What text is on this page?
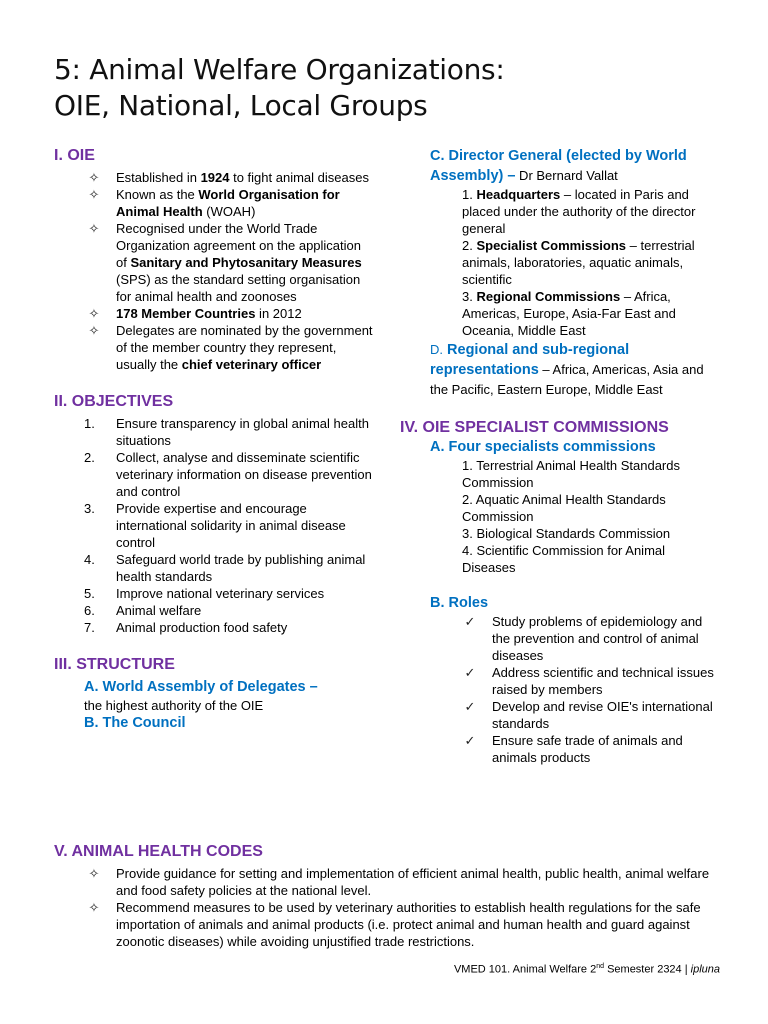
5: Animal Welfare Organizations:
OIE, National, Local Groups
I. OIE
✧	Established in 1924 to fight animal diseases
✧	Known as the World Organisation for Animal Health (WOAH)
✧	Recognised under the World Trade Organization agreement on the application of Sanitary and Phytosanitary Measures (SPS) as the standard setting organisation for animal health and zoonoses
✧	178 Member Countries in 2012
✧	Delegates are nominated by the government of the member country they represent, usually the chief veterinary officer
II. OBJECTIVES
1. Ensure transparency in global animal health situations
2. Collect, analyse and disseminate scientific veterinary information on disease prevention and control
3. Provide expertise and encourage international solidarity in animal disease control
4. Safeguard world trade by publishing animal health standards
5. Improve national veterinary services
6. Animal welfare
7. Animal production food safety
III. STRUCTURE
A. World Assembly of Delegates –
the highest authority of the OIE
B. The Council
C. Director General (elected by World Assembly) – Dr Bernard Vallat
1. Headquarters – located in Paris and placed under the authority of the director general
2. Specialist Commissions – terrestrial animals, laboratories, aquatic animals, scientific
3. Regional Commissions – Africa, Americas, Europe, Asia-Far East and Oceania, Middle East
D. Regional and sub-regional representations – Africa, Americas, Asia and the Pacific, Eastern Europe, Middle East
IV. OIE SPECIALIST COMMISSIONS
A. Four specialists commissions
1. Terrestrial Animal Health Standards Commission
2. Aquatic Animal Health Standards Commission
3. Biological Standards Commission
4. Scientific Commission for Animal Diseases
B. Roles
✓	Study problems of epidemiology and the prevention and control of animal diseases
✓	Address scientific and technical issues raised by members
✓	Develop and revise OIE's international standards
✓	Ensure safe trade of animals and animals products
V. ANIMAL HEALTH CODES
✧	Provide guidance for setting and implementation of efficient animal health, public health, animal welfare and food safety policies at the national level.
✧	Recommend measures to be used by veterinary authorities to establish health regulations for the safe importation of animals and animal products (i.e. protect animal and human health and guard against zoonotic diseases) while avoiding unjustified trade restrictions.
VMED 101. Animal Welfare 2nd Semester 2324 | ipluna
